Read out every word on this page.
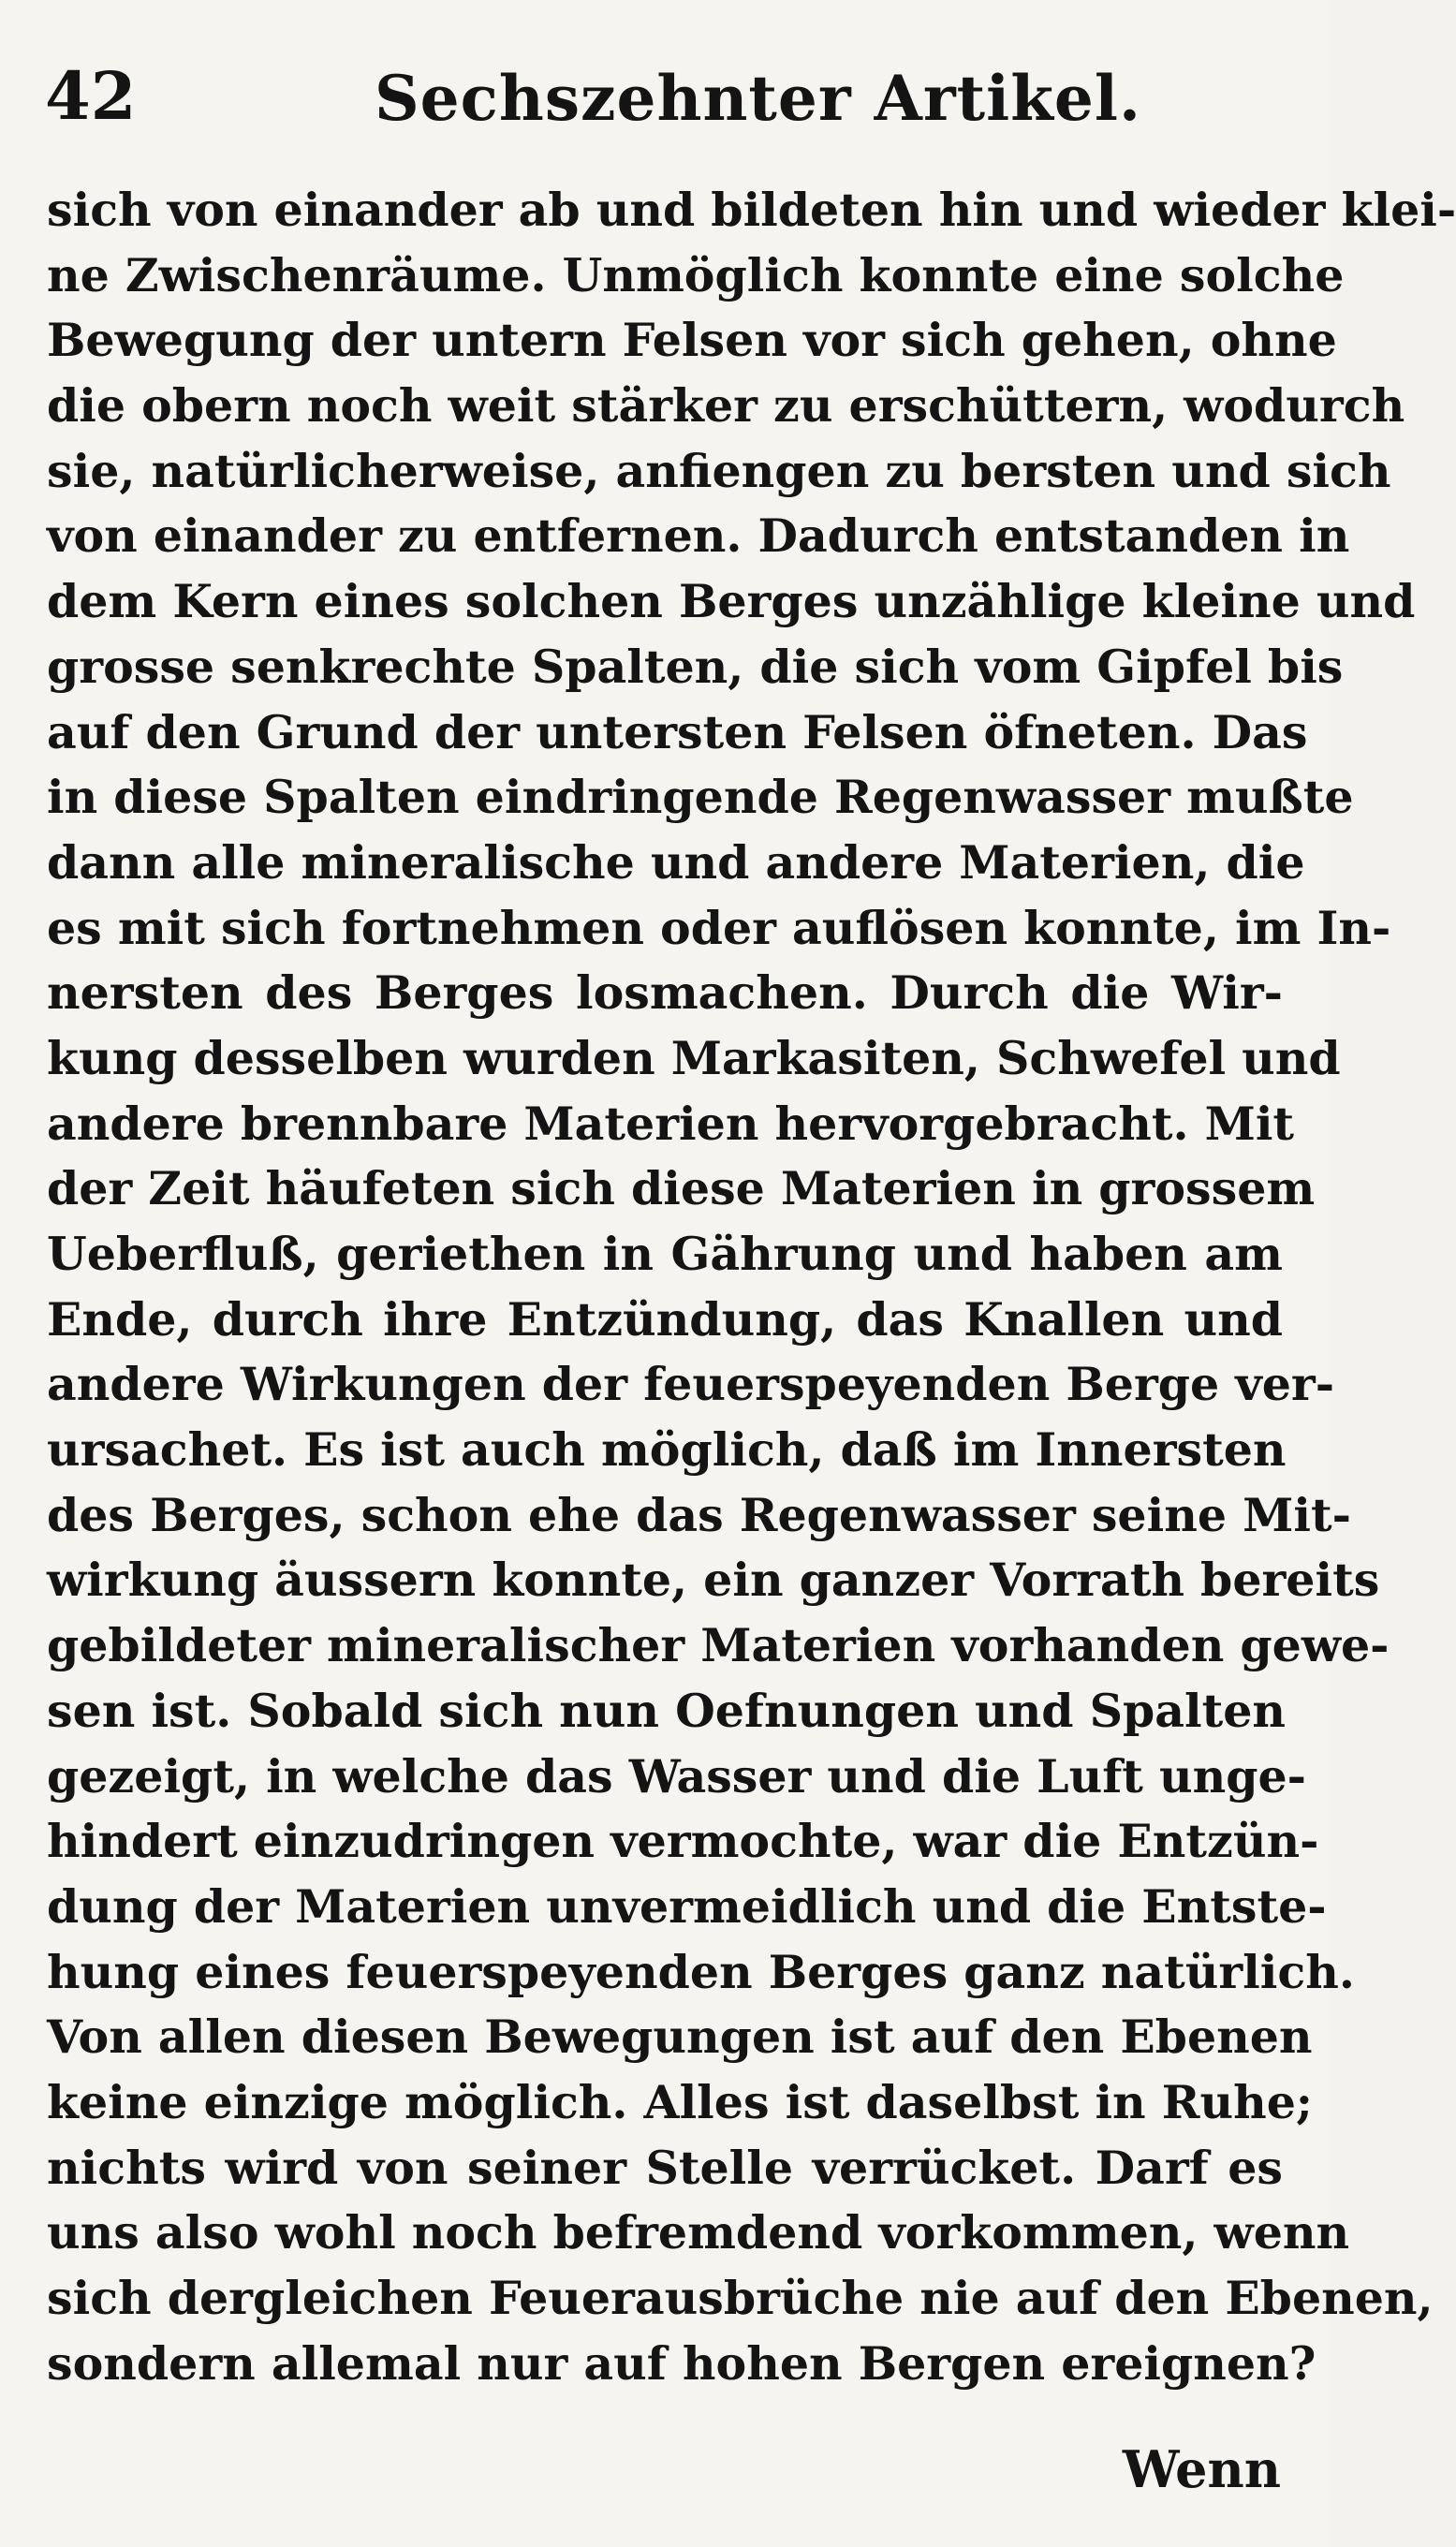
42	Sechszehnter Artikel.
sich von einander ab und bildeten hin und wieder klei-
ne Zwischenräume. Unmöglich konnte eine solche
Bewegung der untern Felsen vor sich gehen, ohne
die obern noch weit stärker zu erschüttern, wodurch
sie, natürlicherweise, anfiengen zu bersten und sich
von einander zu entfernen. Dadurch entstanden in
dem Kern eines solchen Berges unzählige kleine und
grosse senkrechte Spalten, die sich vom Gipfel bis
auf den Grund der untersten Felsen öfneten. Das
in diese Spalten eindringende Regenwasser mußte
dann alle mineralische und andere Materien, die
es mit sich fortnehmen oder auflösen konnte, im In-
nersten des Berges losmachen. Durch die Wir-
kung desselben wurden Markasiten, Schwefel und
andere brennbare Materien hervorgebracht. Mit
der Zeit häufeten sich diese Materien in grossem
Ueberfluß, geriethen in Gährung und haben am
Ende, durch ihre Entzündung, das Knallen und
andere Wirkungen der feuerspeyenden Berge ver-
ursachet. Es ist auch möglich, daß im Innersten
des Berges, schon ehe das Regenwasser seine Mit-
wirkung äussern konnte, ein ganzer Vorrath bereits
gebildeter mineralischer Materien vorhanden gewe-
sen ist. Sobald sich nun Oefnungen und Spalten
gezeigt, in welche das Wasser und die Luft unge-
hindert einzudringen vermochte, war die Entzün-
dung der Materien unvermeidlich und die Entste-
hung eines feuerspeyenden Berges ganz natürlich.
Von allen diesen Bewegungen ist auf den Ebenen
keine einzige möglich. Alles ist daselbst in Ruhe;
nichts wird von seiner Stelle verrücket. Darf es
uns also wohl noch befremdend vorkommen, wenn
sich dergleichen Feuerausbrüche nie auf den Ebenen,
sondern allemal nur auf hohen Bergen ereignen?
Wenn
